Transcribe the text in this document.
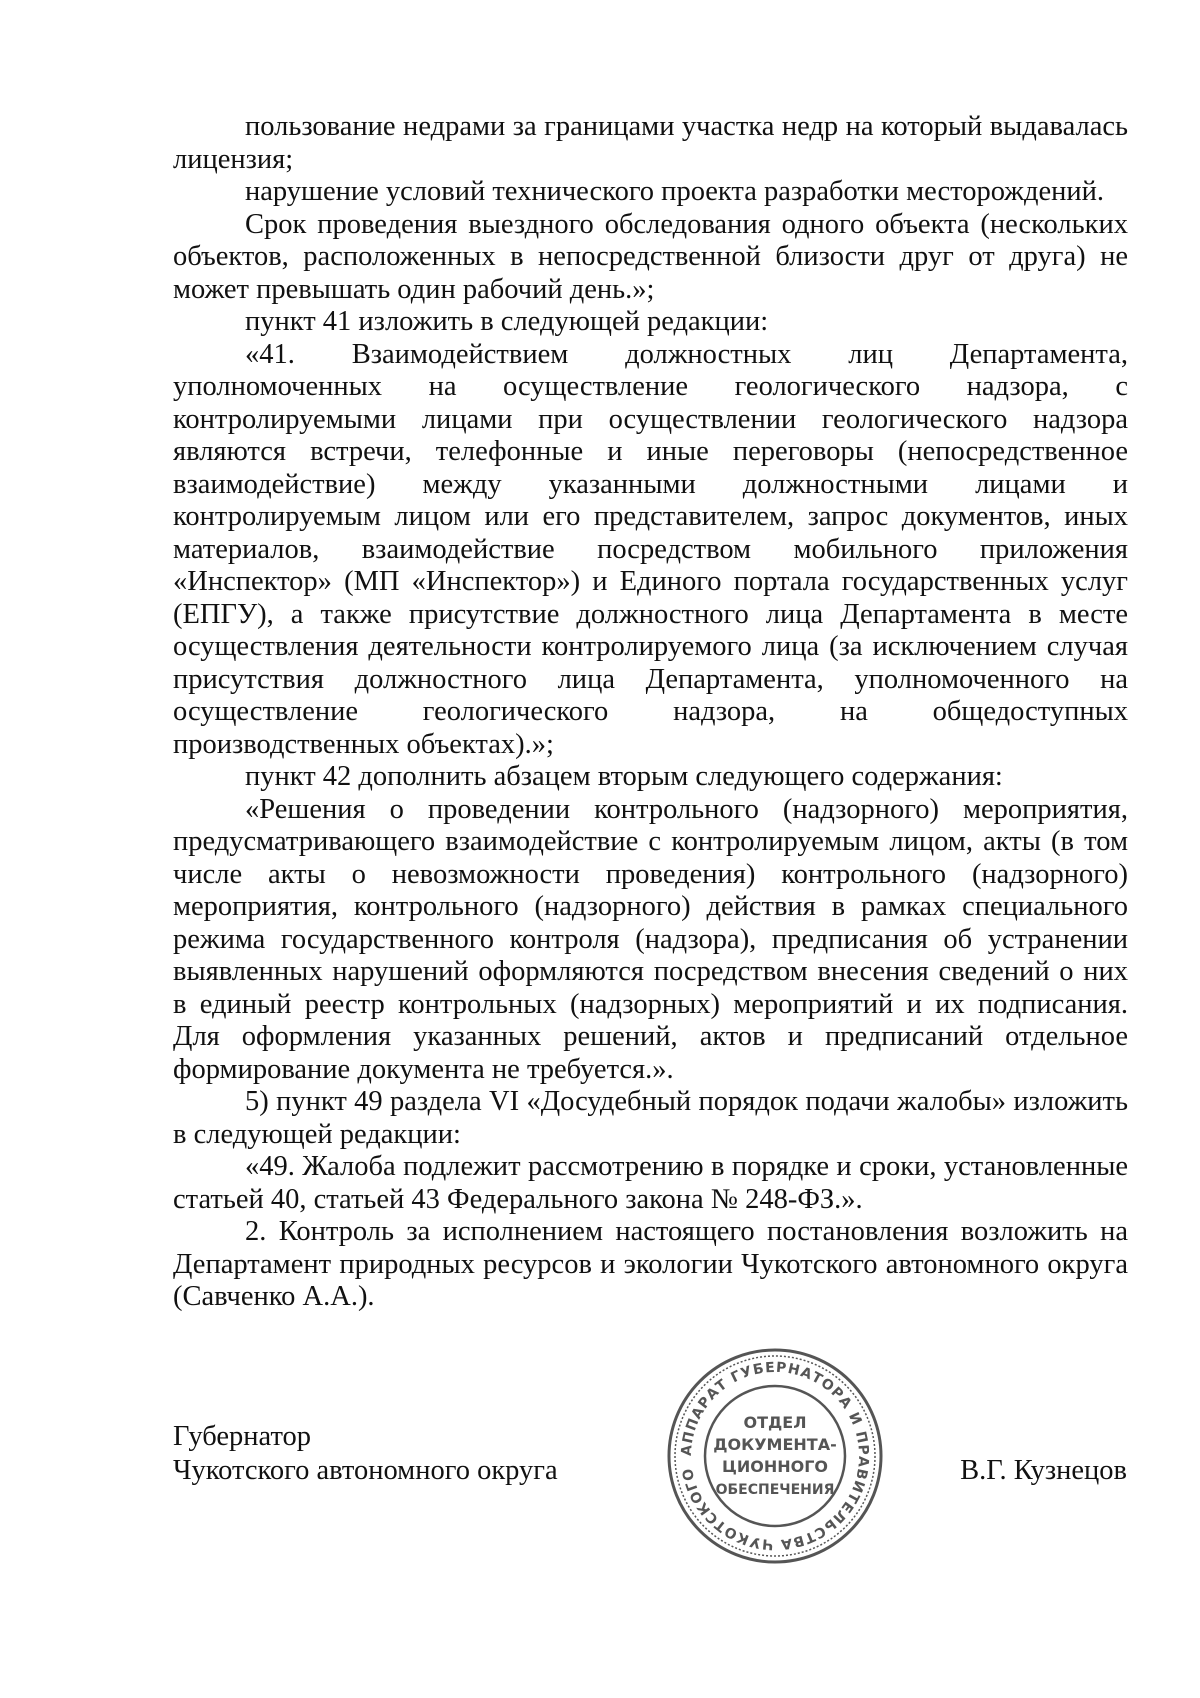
пользование недрами за границами участка недр на который выдавалась лицензия;

нарушение условий технического проекта разработки месторождений.

Срок проведения выездного обследования одного объекта (нескольких объектов, расположенных в непосредственной близости друг от друга) не может превышать один рабочий день.»;

пункт 41 изложить в следующей редакции:

«41. Взаимодействием должностных лиц Департамента, уполномоченных на осуществление геологического надзора, с контролируемыми лицами при осуществлении геологического надзора являются встречи, телефонные и иные переговоры (непосредственное взаимодействие) между указанными должностными лицами и контролируемым лицом или его представителем, запрос документов, иных материалов, взаимодействие посредством мобильного приложения «Инспектор» (МП «Инспектор») и Единого портала государственных услуг (ЕПГУ), а также присутствие должностного лица Департамента в месте осуществления деятельности контролируемого лица (за исключением случая присутствия должностного лица Департамента, уполномоченного на осуществление геологического надзора, на общедоступных производственных объектах).»;

пункт 42 дополнить абзацем вторым следующего содержания:

«Решения о проведении контрольного (надзорного) мероприятия, предусматривающего взаимодействие с контролируемым лицом, акты (в том числе акты о невозможности проведения) контрольного (надзорного) мероприятия, контрольного (надзорного) действия в рамках специального режима государственного контроля (надзора), предписания об устранении выявленных нарушений оформляются посредством внесения сведений о них в единый реестр контрольных (надзорных) мероприятий и их подписания. Для оформления указанных решений, актов и предписаний отдельное формирование документа не требуется.».

5) пункт 49 раздела VI «Досудебный порядок подачи жалобы» изложить в следующей редакции:

«49. Жалоба подлежит рассмотрению в порядке и сроки, установленные статьей 40, статьей 43 Федерального закона № 248-ФЗ.».

2. Контроль за исполнением настоящего постановления возложить на Департамент природных ресурсов и экологии Чукотского автономного округа (Савченко А.А.).

Губернатор
Чукотского автономного округа
АППАРАТ ГУБЕРНАТОРА И ПРАВИТЕЛЬСТВА ЧУКОТСКОГО
ОТДЕЛ
ДОКУМЕНТА-
ЦИОННОГО
ОБЕСПЕЧЕНИЯ
В.Г. Кузнецов
